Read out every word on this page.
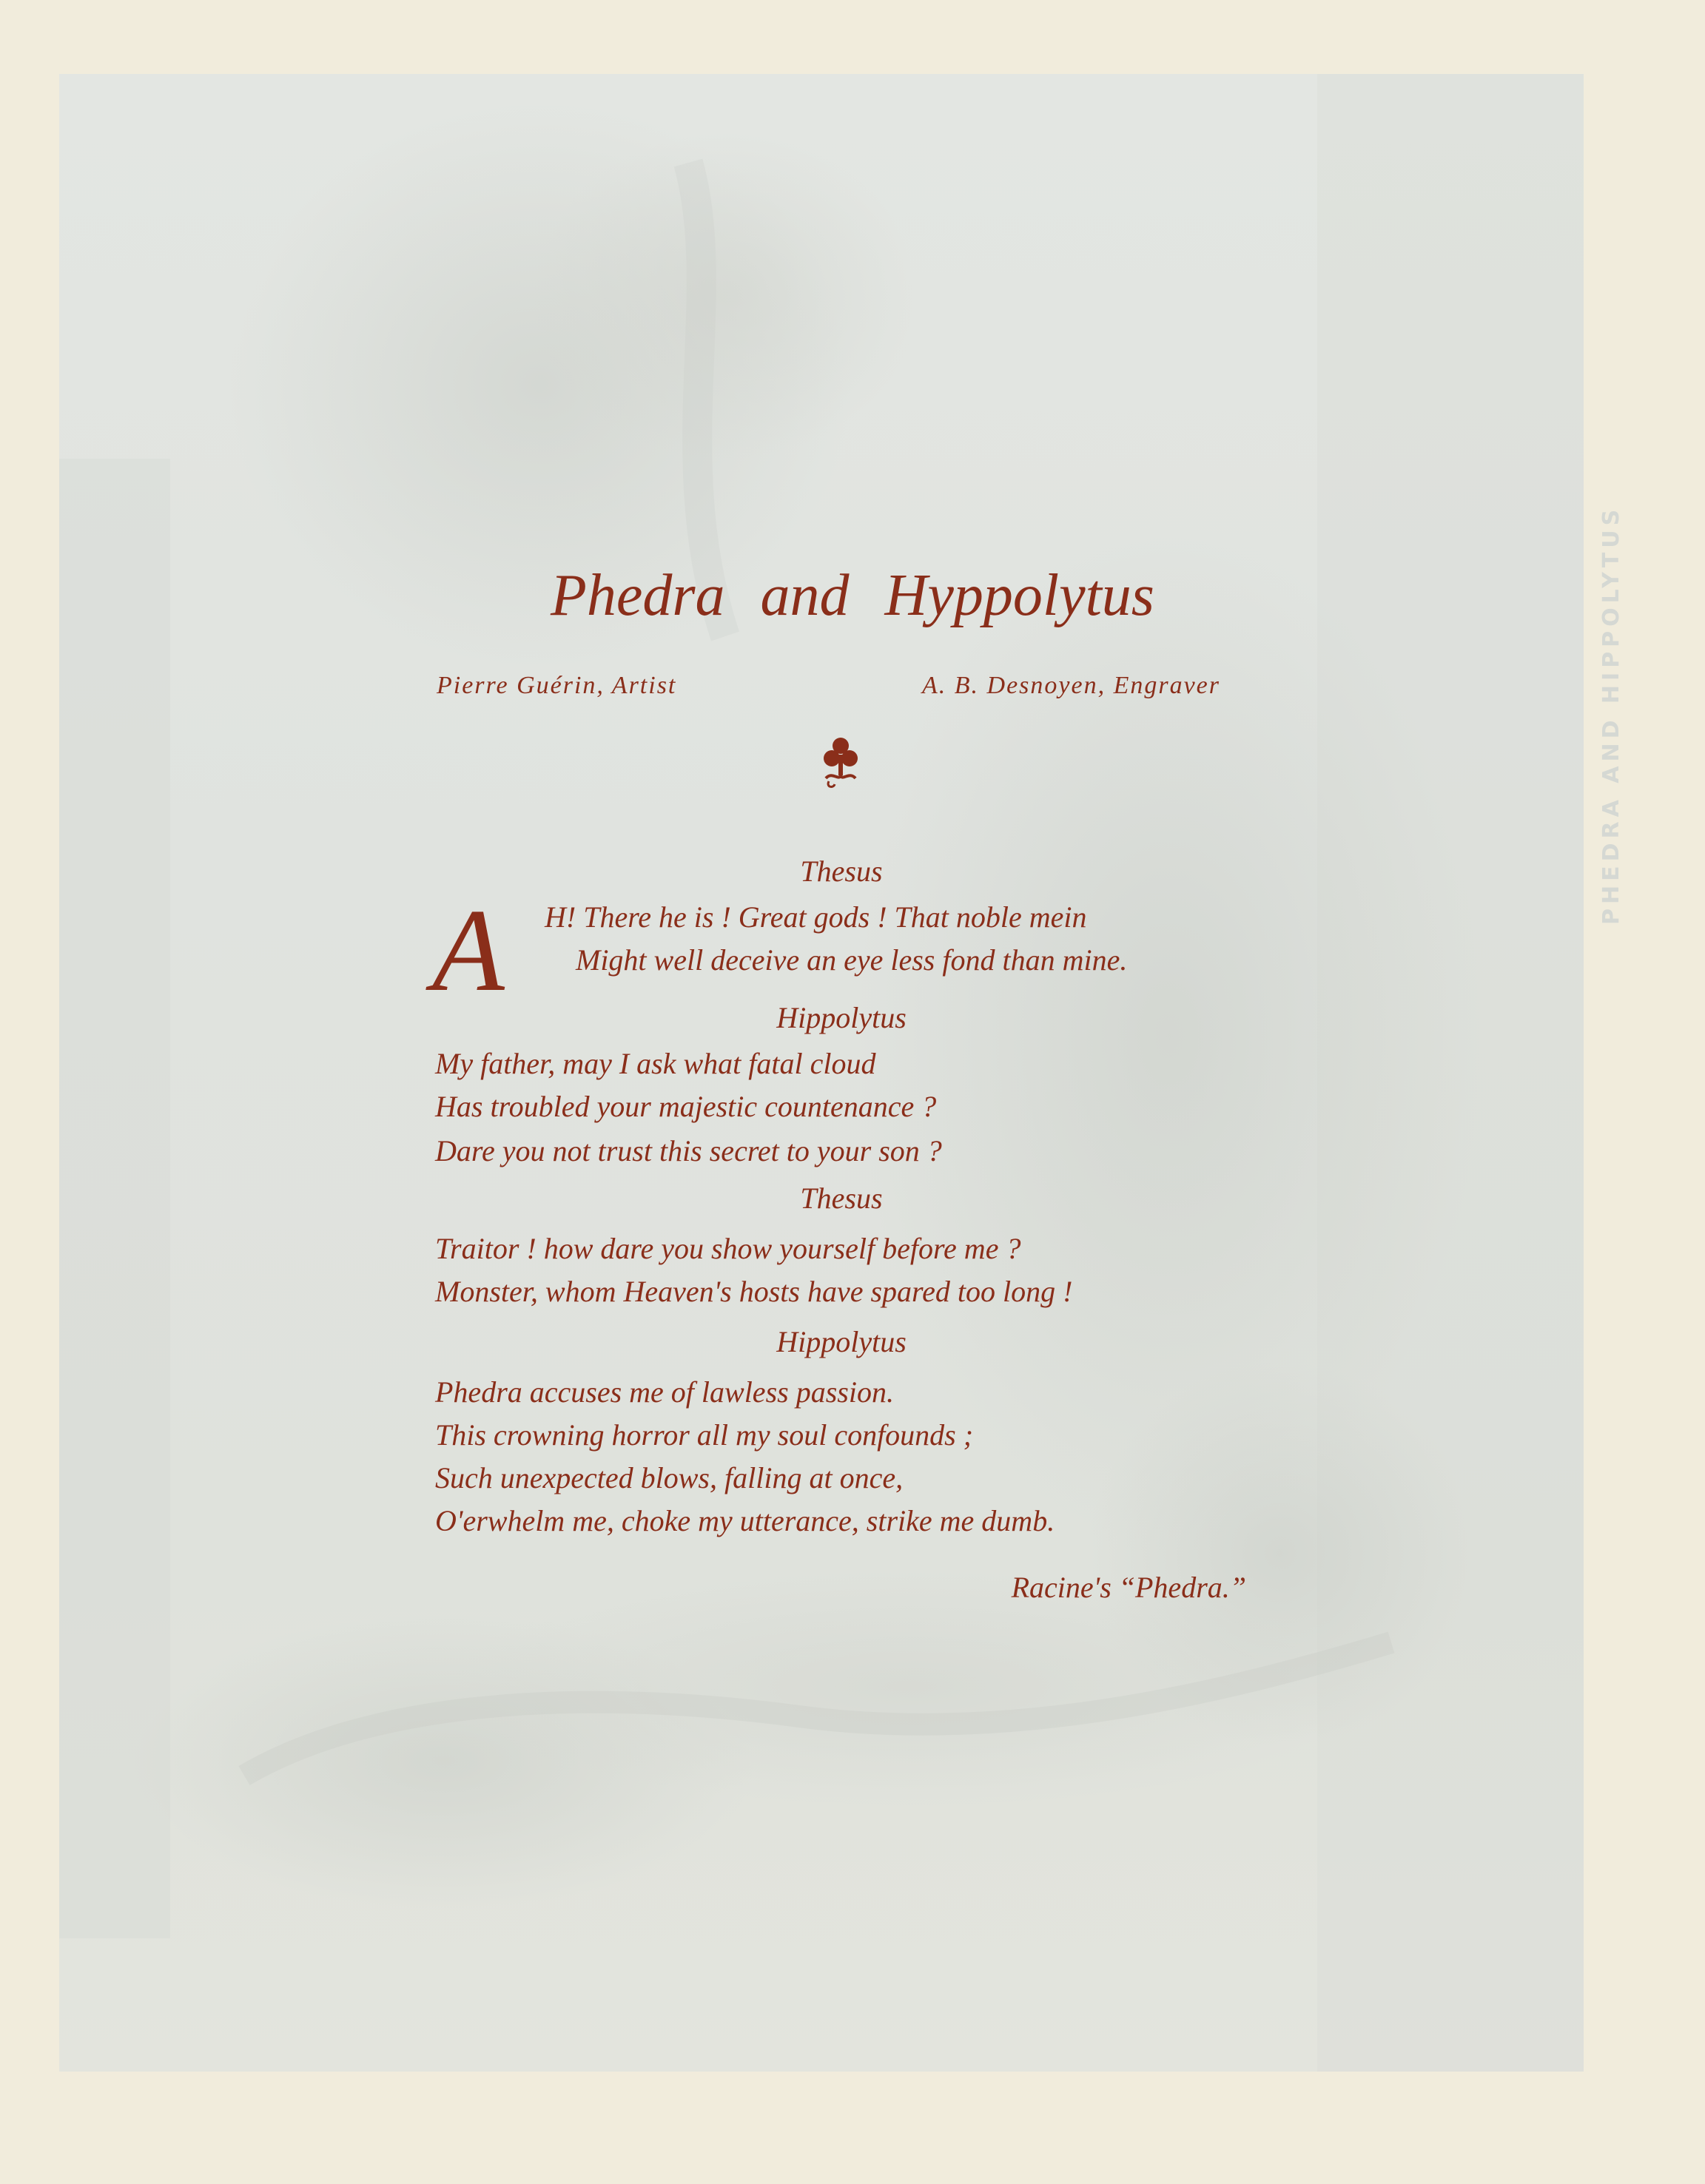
PHEDRA AND HIPPOLYTUS
Phedra and Hyppolytus

Pierre Guérin, Artist	A. B. Desnoyen, Engraver

Thesus

A H! There he is ! Great gods ! That noble mein

Might well deceive an eye less fond than mine.

Hippolytus

My father, may I ask what fatal cloud

Has troubled your majestic countenance ?

Dare you not trust this secret to your son ?

Thesus

Traitor ! how dare you show yourself before me ?

Monster, whom Heaven's hosts have spared too long !

Hippolytus

Phedra accuses me of lawless passion.

This crowning horror all my soul confounds ;

Such unexpected blows, falling at once,

O'erwhelm me, choke my utterance, strike me dumb.

Racine's “Phedra.”
